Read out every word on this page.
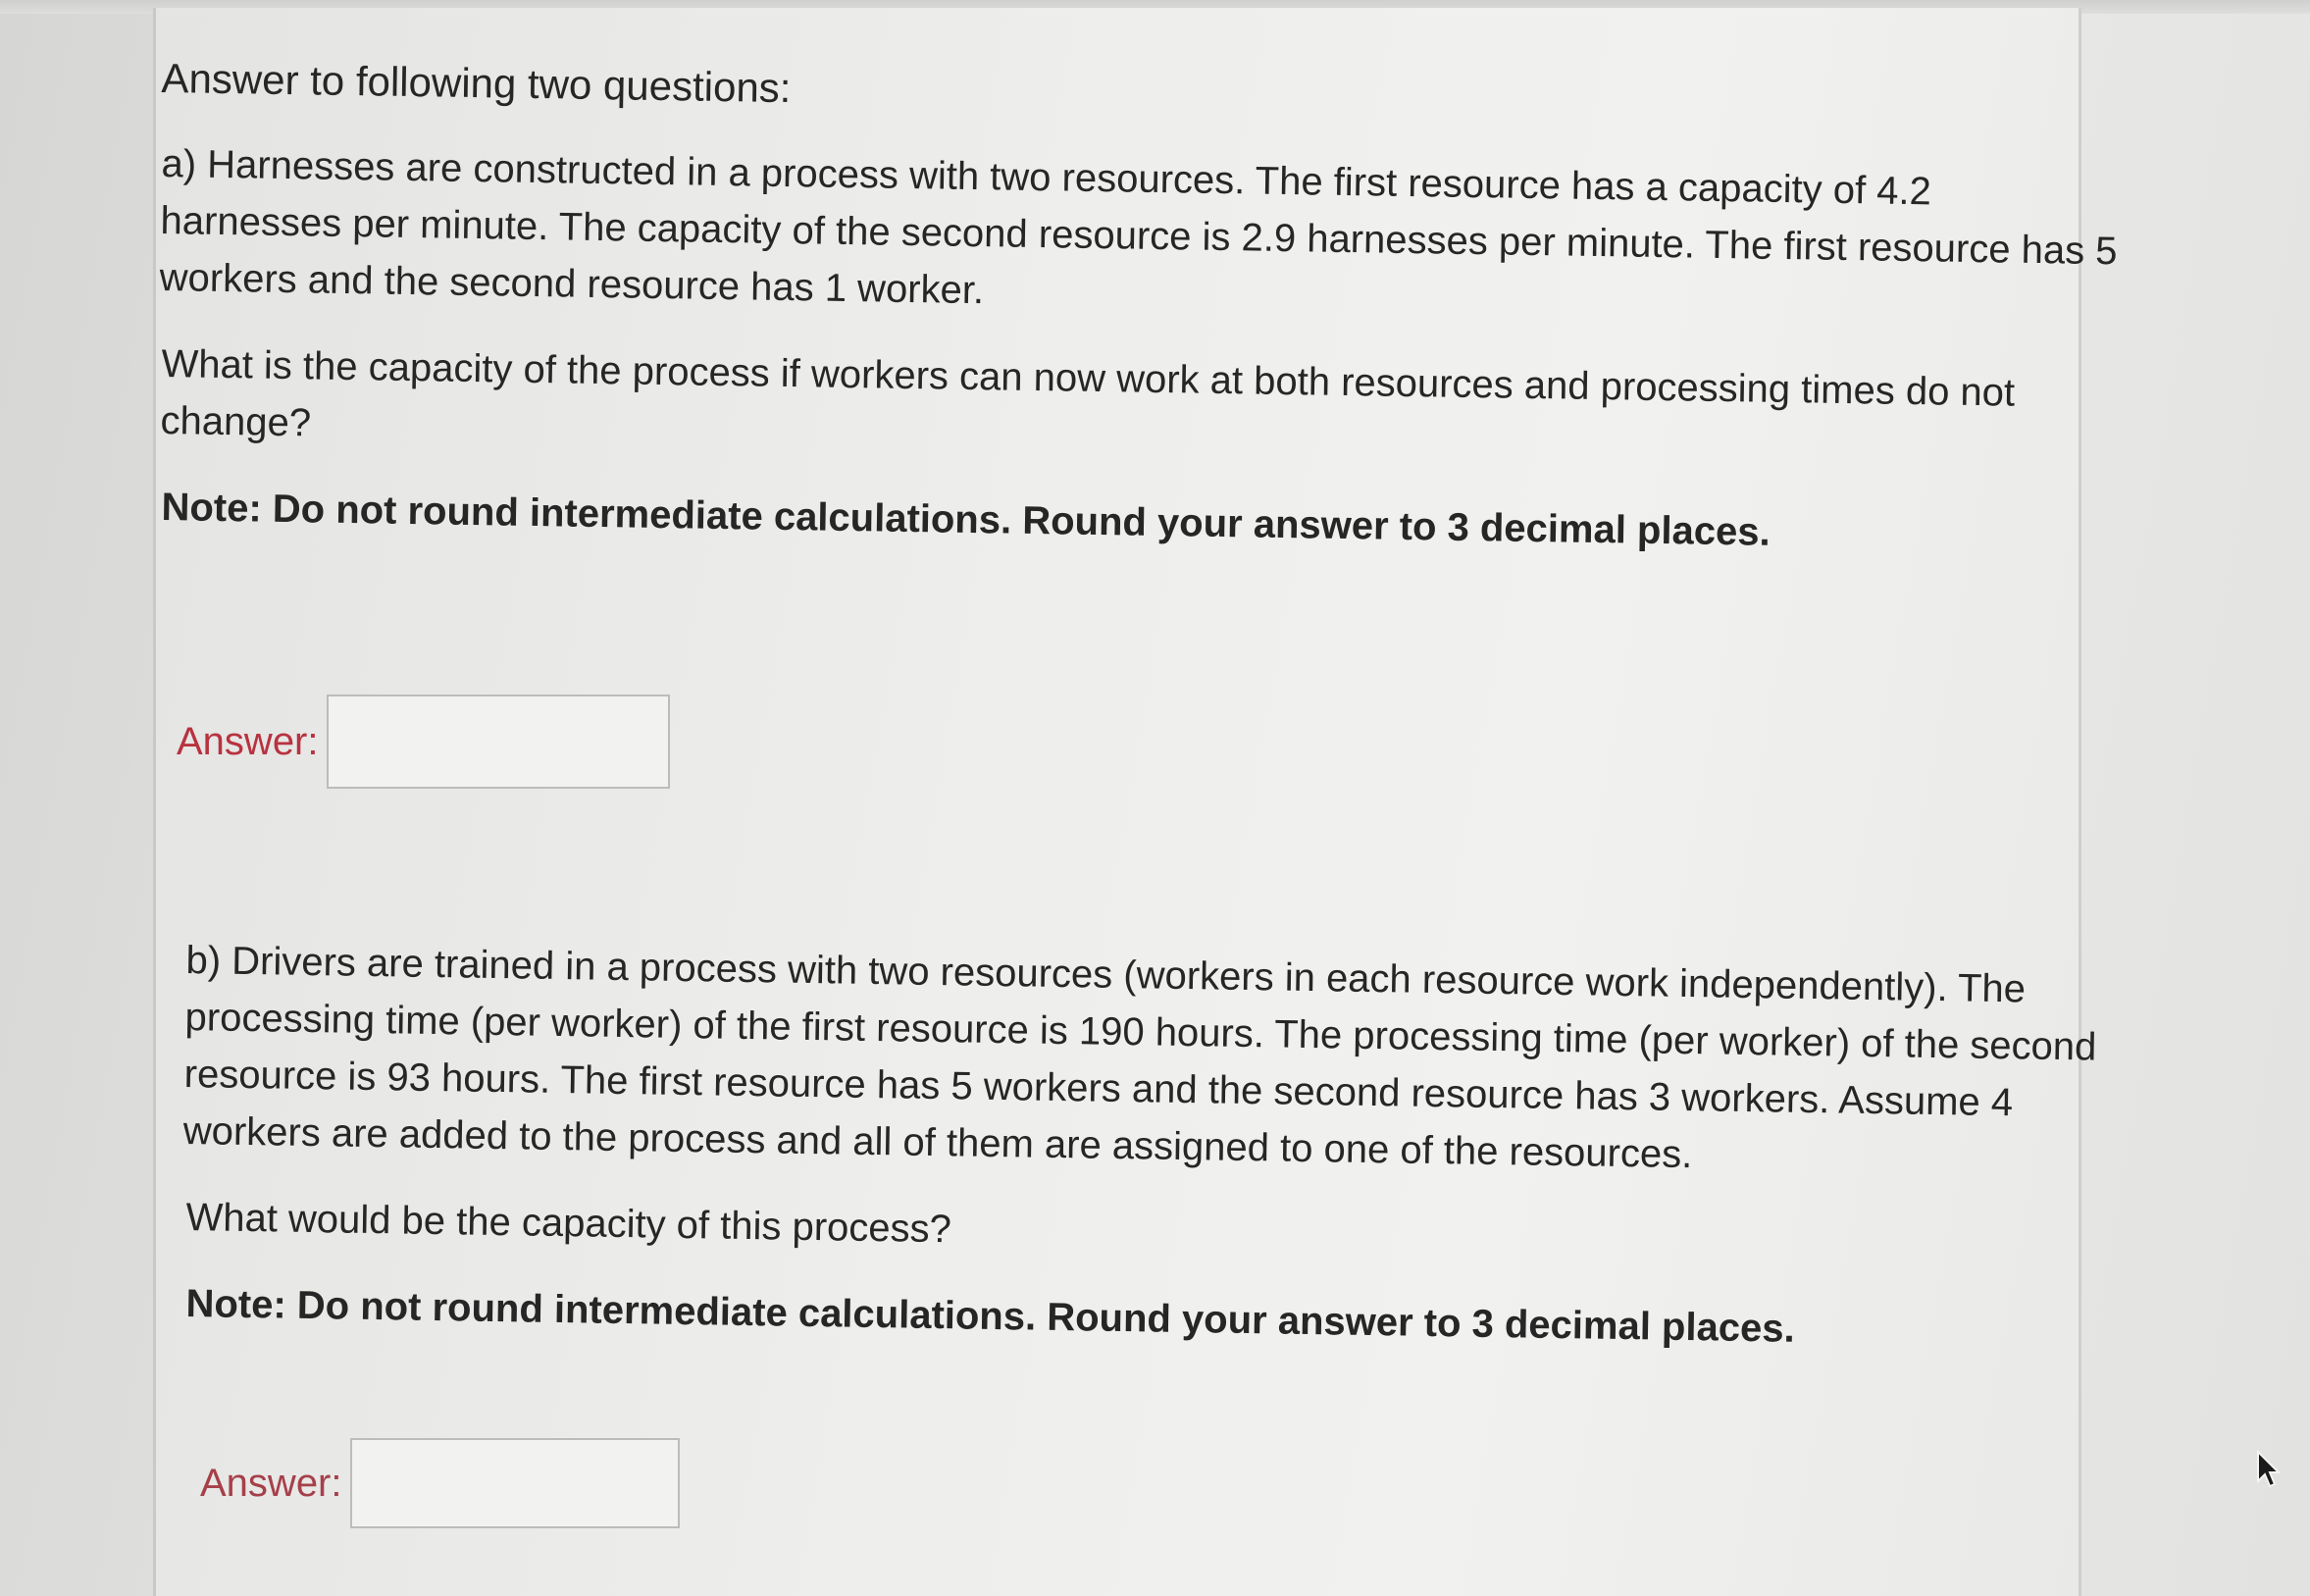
Answer to following two questions:

a) Harnesses are constructed in a process with two resources. The first resource has a capacity of 4.2 harnesses per minute. The capacity of the second resource is 2.9 harnesses per minute. The first resource has 5 workers and the second resource has 1 worker.

What is the capacity of the process if workers can now work at both resources and processing times do not change?

Note: Do not round intermediate calculations. Round your answer to 3 decimal places.

Answer:

b) Drivers are trained in a process with two resources (workers in each resource work independently). The processing time (per worker) of the first resource is 190 hours. The processing time (per worker) of the second resource is 93 hours. The first resource has 5 workers and the second resource has 3 workers. Assume 4 workers are added to the process and all of them are assigned to one of the resources.

What would be the capacity of this process?

Note: Do not round intermediate calculations. Round your answer to 3 decimal places.

Answer:
